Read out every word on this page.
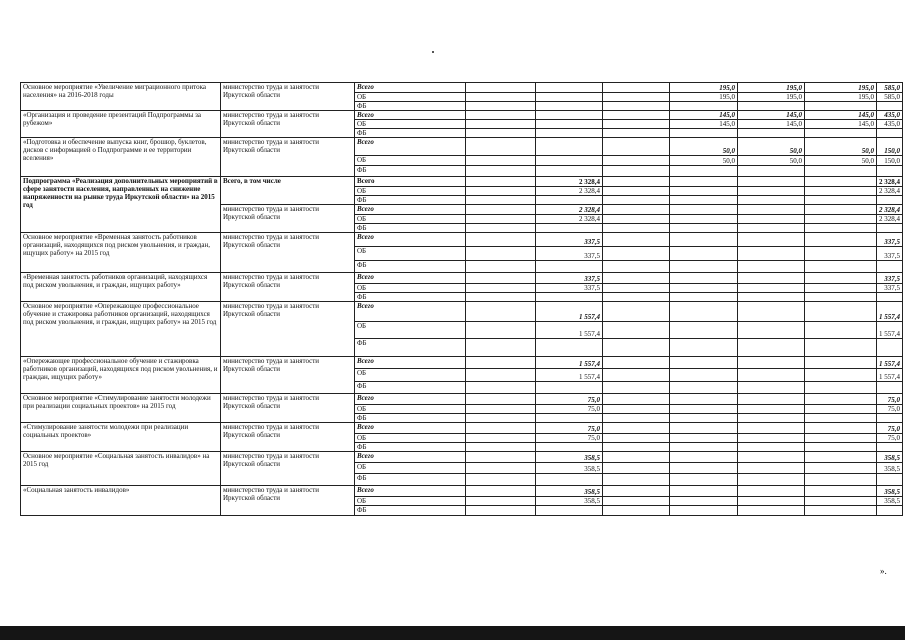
Основное мероприятие «Увеличение миграционного притока населения» на 2016-2018 годы	министерство труда и занятости Иркутской области	Всего				195,0	195,0	195,0	585,0
		ОБ				195,0	195,0	195,0	585,0
		ФБ							
«Организация и проведение презентаций Подпрограммы за рубежом»	министерство труда и занятости Иркутской области	Всего				145,0	145,0	145,0	435,0
		ОБ				145,0	145,0	145,0	435,0
		ФБ							
«Подготовка и обеспечение выпуска книг, брошюр, буклетов, дисков с информацией о Подпрограмме и ее территории вселения»	министерство труда и занятости Иркутской области	Всего				50,0	50,0	50,0	150,0
		ОБ				50,0	50,0	50,0	150,0
		ФБ							
Подпрограмма «Реализация дополнительных мероприятий в сфере занятости населения, направленных на снижение напряженности на рынке труда Иркутской области» на 2015 год	Всего, в том числе	Всего		2 328,4					2 328,4
		ОБ		2 328,4					2 328,4
		ФБ							
	министерство труда и занятости Иркутской области	Всего		2 328,4					2 328,4
		ОБ		2 328,4					2 328,4
		ФБ							
Основное мероприятие «Временная занятость работников организаций, находящихся под риском увольнения, и граждан, ищущих работу» на 2015 год	министерство труда и занятости Иркутской области	Всего		337,5					337,5
		ОБ		337,5					337,5
		ФБ							
«Временная занятость работников организаций, находящихся под риском увольнения, и граждан, ищущих работу»	министерство труда и занятости Иркутской области	Всего		337,5					337,5
		ОБ		337,5					337,5
		ФБ							
Основное мероприятие «Опережающее профессиональное обучение и стажировка работников организаций, находящихся под риском увольнения, и граждан, ищущих работу» на 2015 год	министерство труда и занятости Иркутской области	Всего		1 557,4					1 557,4
		ОБ		1 557,4					1 557,4
		ФБ							
«Опережающее профессиональное обучение и стажировка работников организаций, находящихся под риском увольнения, и граждан, ищущих работу»	министерство труда и занятости Иркутской области	Всего		1 557,4					1 557,4
		ОБ		1 557,4					1 557,4
		ФБ							
Основное мероприятие «Стимулирование занятости молодежи при реализации социальных проектов» на 2015 год	министерство труда и занятости Иркутской области	Всего		75,0					75,0
		ОБ		75,0					75,0
		ФБ							
«Стимулирование занятости молодежи при реализации социальных проектов»	министерство труда и занятости Иркутской области	Всего		75,0					75,0
		ОБ		75,0					75,0
		ФБ							
Основное мероприятие «Социальная занятость инвалидов» на 2015 год	министерство труда и занятости Иркутской области	Всего		358,5					358,5
		ОБ		358,5					358,5
		ФБ							
«Социальная занятость инвалидов»	министерство труда и занятости Иркутской области	Всего		358,5					358,5
		ОБ		358,5					358,5
		ФБ							
».
